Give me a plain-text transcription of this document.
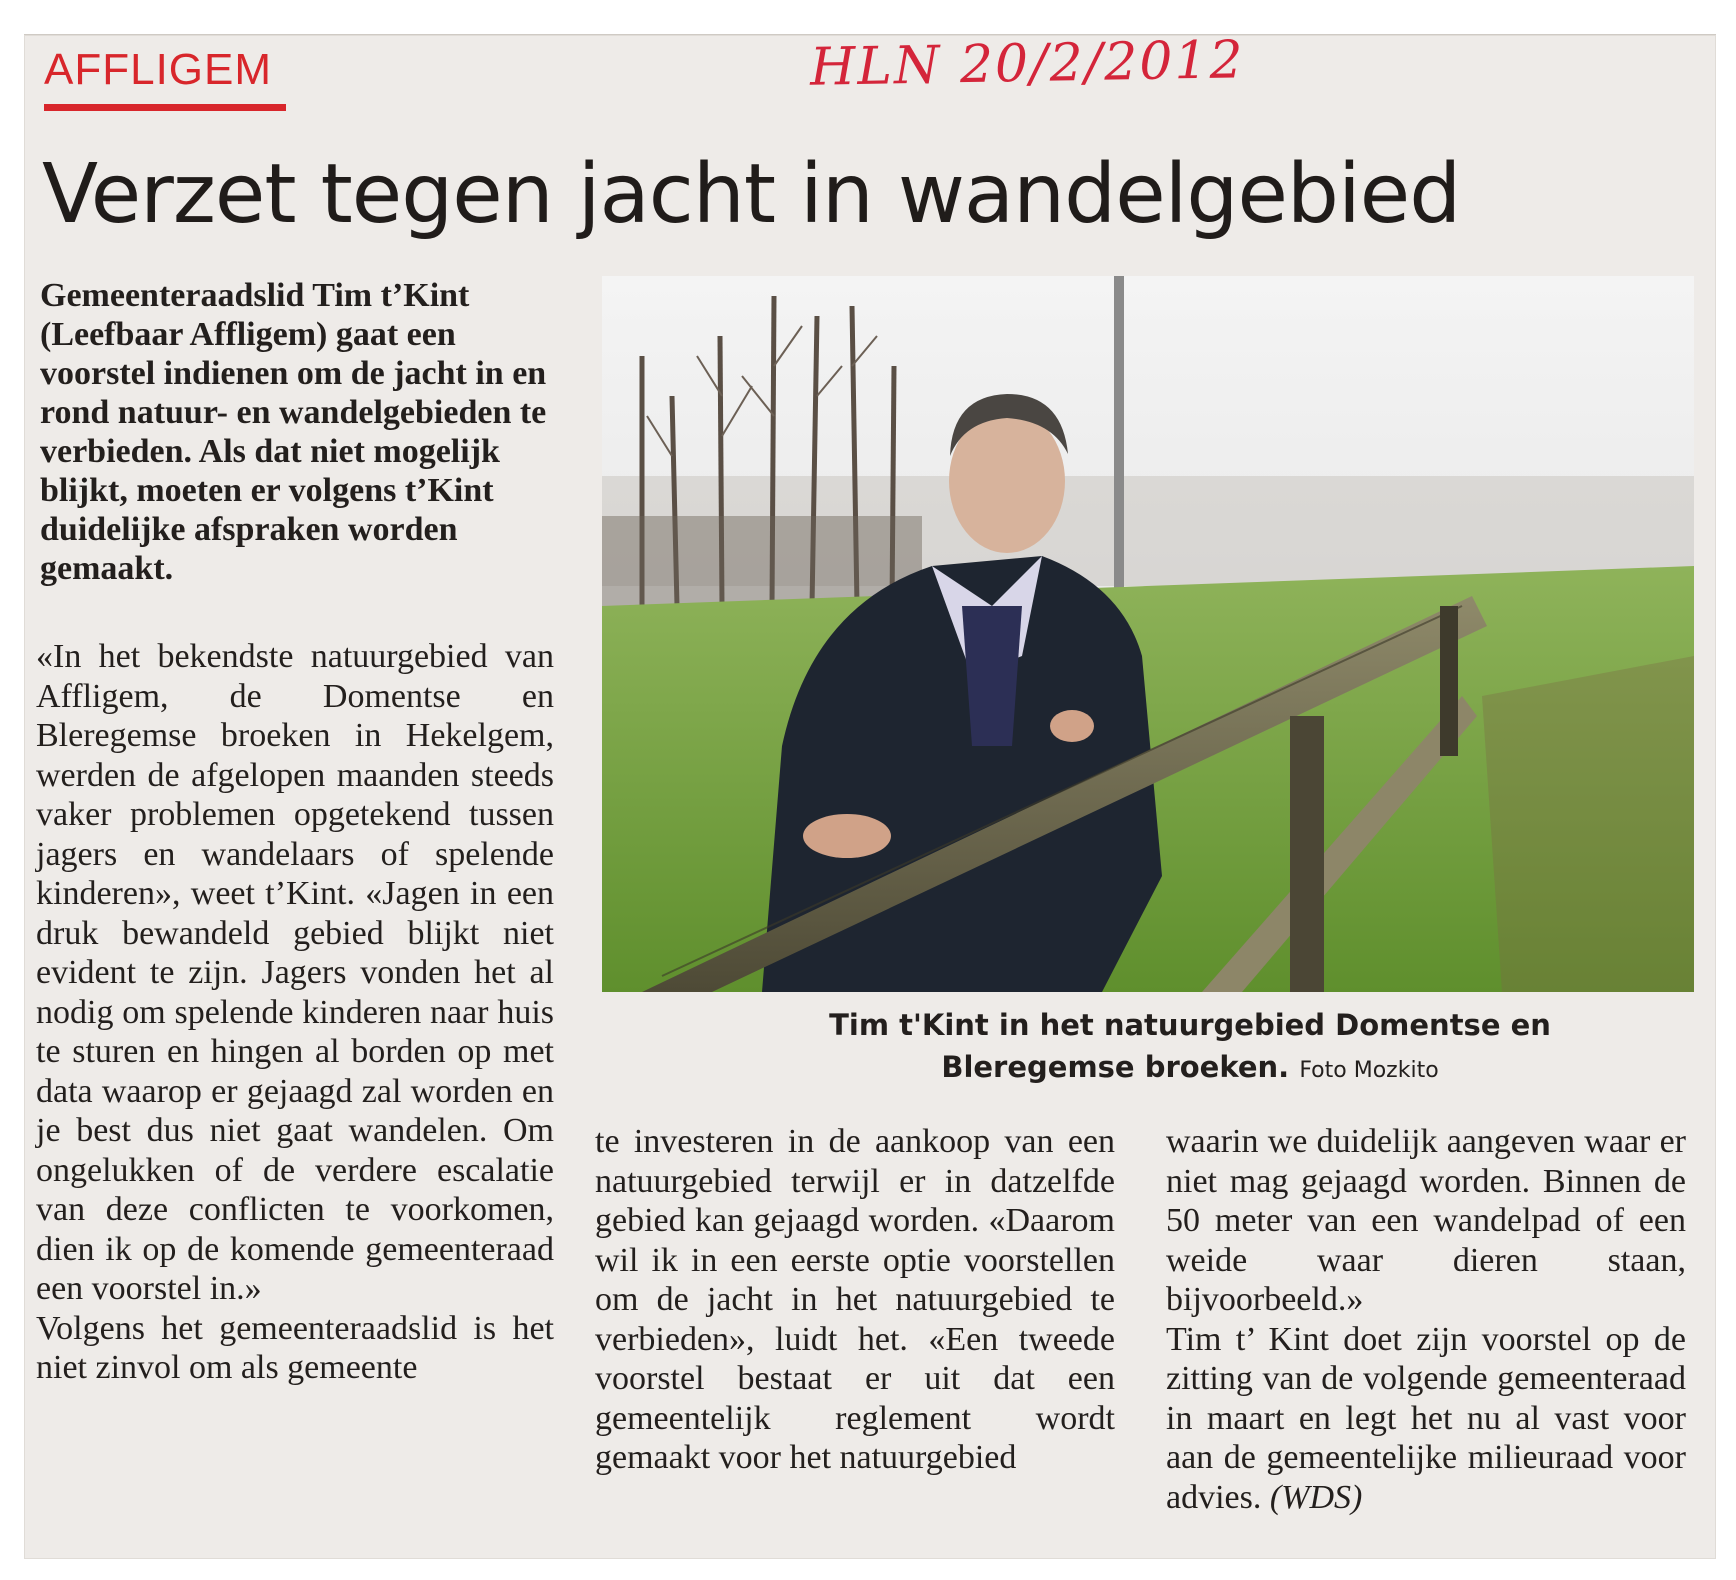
AFFLIGEM	HLN 20/2/2012
Verzet tegen jacht in wandelgebied

Gemeenteraadslid Tim t’Kint (Leefbaar Affligem) gaat een voorstel indienen om de jacht in en rond natuur- en wandelgebieden te verbieden. Als dat niet mogelijk blijkt, moeten er volgens t’Kint duidelijke afspraken worden gemaakt.

Tim t'Kint in het natuurgebied Domentse en Bleregemse broeken. Foto Mozkito

«In het bekendste natuurgebied van Affligem, de Domentse en Bleregemse broeken in Hekelgem, werden de afgelopen maanden steeds vaker problemen opgetekend tussen jagers en wandelaars of spelende kinderen», weet t’Kint. «Jagen in een druk bewandeld gebied blijkt niet evident te zijn. Jagers vonden het al nodig om spelende kinderen naar huis te sturen en hingen al borden op met data waarop er gejaagd zal worden en je best dus niet gaat wandelen. Om ongelukken of de verdere escalatie van deze conflicten te voorkomen, dien ik op de komende gemeenteraad een voorstel in.»

Volgens het gemeenteraadslid is het niet zinvol om als gemeente

te investeren in de aankoop van een natuurgebied terwijl er in datzelfde gebied kan gejaagd worden. «Daarom wil ik in een eerste optie voorstellen om de jacht in het natuurgebied te verbieden», luidt het. «Een tweede voorstel bestaat er uit dat een gemeentelijk reglement wordt gemaakt voor het natuurgebied

waarin we duidelijk aangeven waar er niet mag gejaagd worden. Binnen de 50 meter van een wandelpad of een weide waar dieren staan, bijvoorbeeld.»

Tim t’ Kint doet zijn voorstel op de zitting van de volgende gemeenteraad in maart en legt het nu al vast voor aan de gemeentelijke milieuraad voor advies. (WDS)
